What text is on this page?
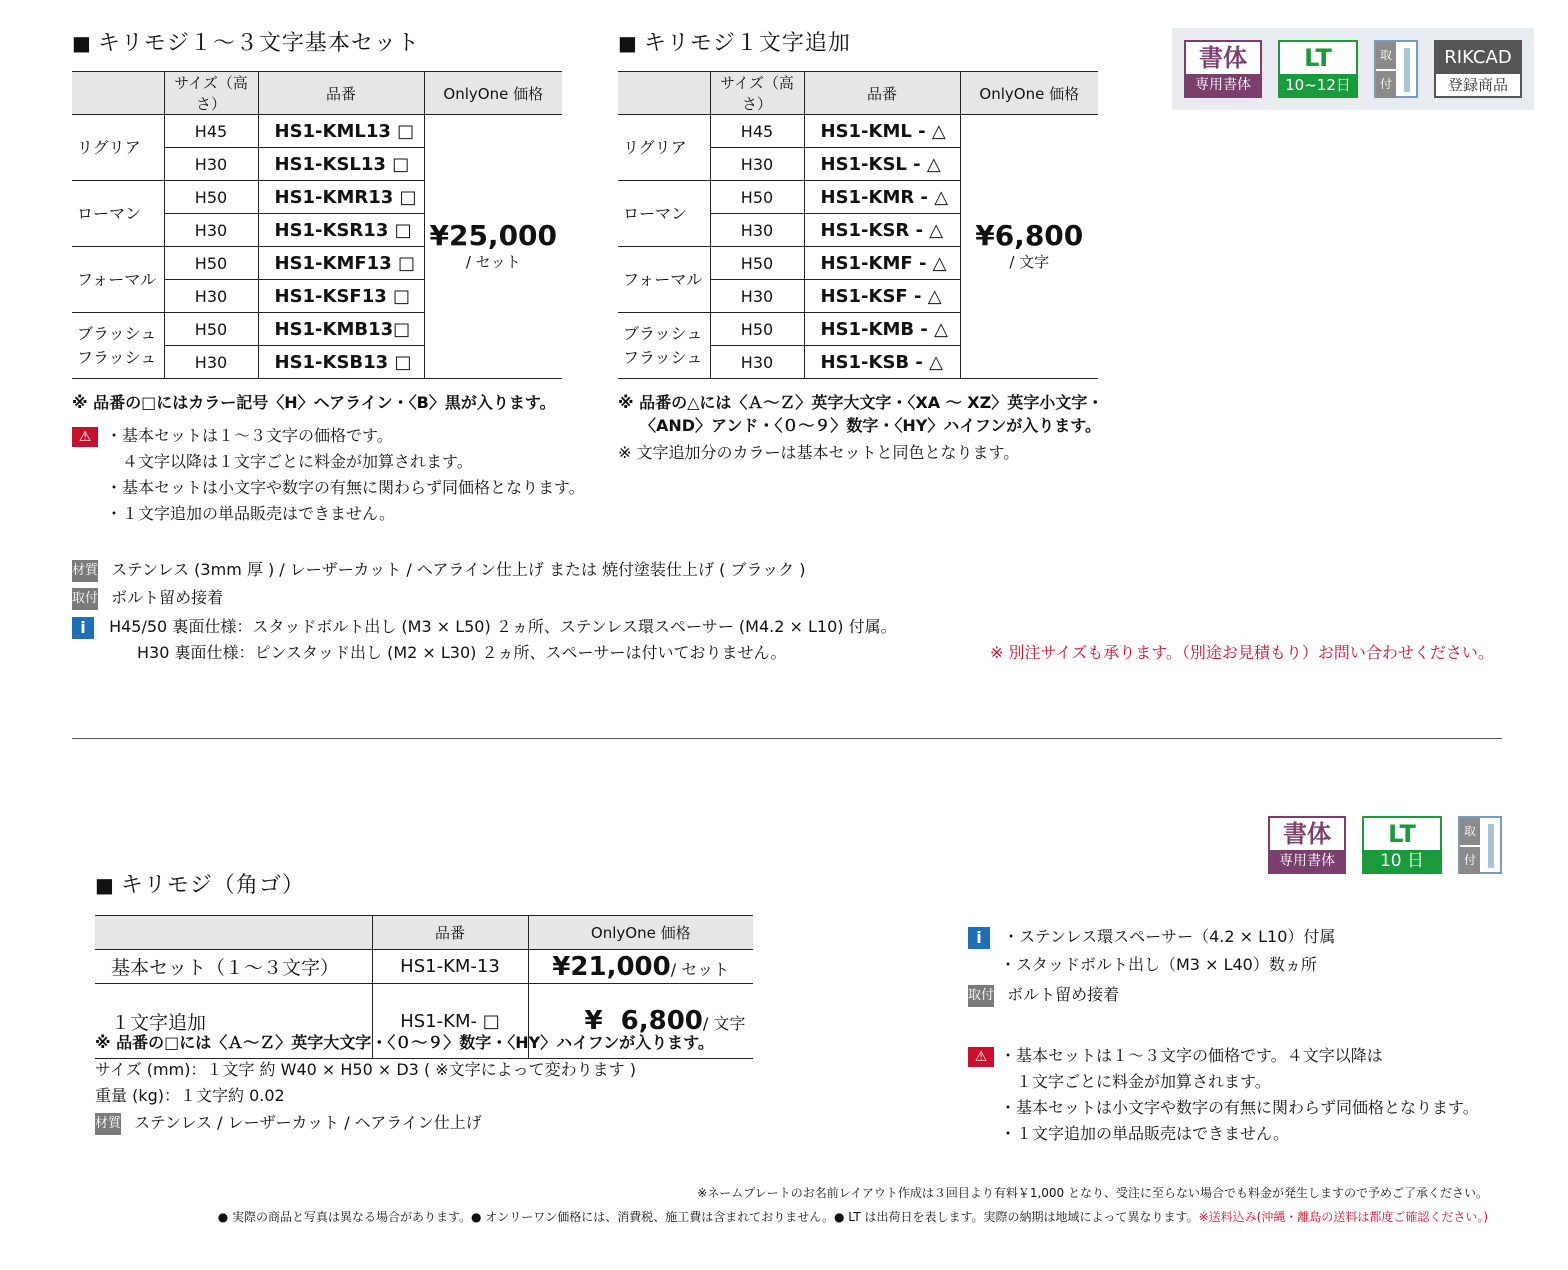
■ キリモジ１～３文字基本セット
	サイズ（高さ）	品番	OnlyOne 価格
リグリア	H45	HS1-KML13 □	¥25,000
/ セット

	H30	HS1-KSL13 □	
ローマン	H50	HS1-KMR13 □	
	H30	HS1-KSR13 □	
フォーマル	H50	HS1-KMF13 □	
	H30	HS1-KSF13 □	
ブラッシュ
フラッシュ	H50	HS1-KMB13□	
	H30	HS1-KSB13 □	
■ キリモジ１文字追加
	サイズ（高さ）	品番	OnlyOne 価格
リグリア	H45	HS1-KML - △	¥6,800
/ 文字

	H30	HS1-KSL - △	
ローマン	H50	HS1-KMR - △	
	H30	HS1-KSR - △	
フォーマル	H50	HS1-KMF - △	
	H30	HS1-KSF - △	
ブラッシュ
フラッシュ	H50	HS1-KMB - △	
	H30	HS1-KSB - △	
書体
専用書体
LT
10~12日
取
付
RIKCAD
登録商品
※ 品番の□にはカラー記号〈H〉ヘアライン・〈B〉黒が入ります。
⚠ ・基本セットは１～３文字の価格です。
　４文字以降は１文字ごとに料金が加算されます。
・基本セットは小文字や数字の有無に関わらず同価格となります。
・１文字追加の単品販売はできません。
※ 品番の△には〈Ａ～Ｚ〉英字大文字・〈XA ～ XZ〉英字小文字・
〈AND〉アンド・〈０～９〉数字・〈HY〉ハイフンが入ります。
※ 文字追加分のカラーは基本セットと同色となります。
材質 ステンレス (3mm 厚 ) / レーザーカット / ヘアライン仕上げ または 焼付塗装仕上げ ( ブラック )
取付 ボルト留め接着
i H45/50 裏面仕様：スタッドボルト出し (M3 × L50) ２ヵ所、ステンレス環スペーサー (M4.2 × L10) 付属。
H30 裏面仕様：ピンスタッド出し (M2 × L30) ２ヵ所、スペーサーは付いておりません。	※ 別注サイズも承ります。（別途お見積もり）お問い合わせください。
書体
専用書体
LT
10 日
取
付
■ キリモジ（角ゴ）
	品番	OnlyOne 価格
基本セット（１～３文字）	HS1-KM-13	¥21,000/ セット
１文字追加	HS1-KM- □	¥  6,800/ 文字

※ 品番の□には〈Ａ～Ｚ〉英字大文字・〈０～９〉数字・〈HY〉ハイフンが入ります。
サイズ (mm)：１文字 約 W40 × H50 × D3 ( ※文字によって変わります )
重量 (kg)：１文字約 0.02
材質 ステンレス / レーザーカット / ヘアライン仕上げ
i ・ステンレス環スペーサー（4.2 × L10）付属
・スタッドボルト出し（M3 × L40）数ヵ所
取付 ボルト留め接着
⚠ ・基本セットは１～３文字の価格です。４文字以降は
　１文字ごとに料金が加算されます。
・基本セットは小文字や数字の有無に関わらず同価格となります。
・１文字追加の単品販売はできません。
※ネームプレートのお名前レイアウト作成は３回目より有料￥1,000 となり、受注に至らない場合でも料金が発生しますので予めご了承ください。
● 実際の商品と写真は異なる場合があります。● オンリーワン価格には、消費税、施工費は含まれておりません。● LT は出荷日を表します。実際の納期は地域によって異なります。※送料込み(沖縄・離島の送料は都度ご確認ください。)
